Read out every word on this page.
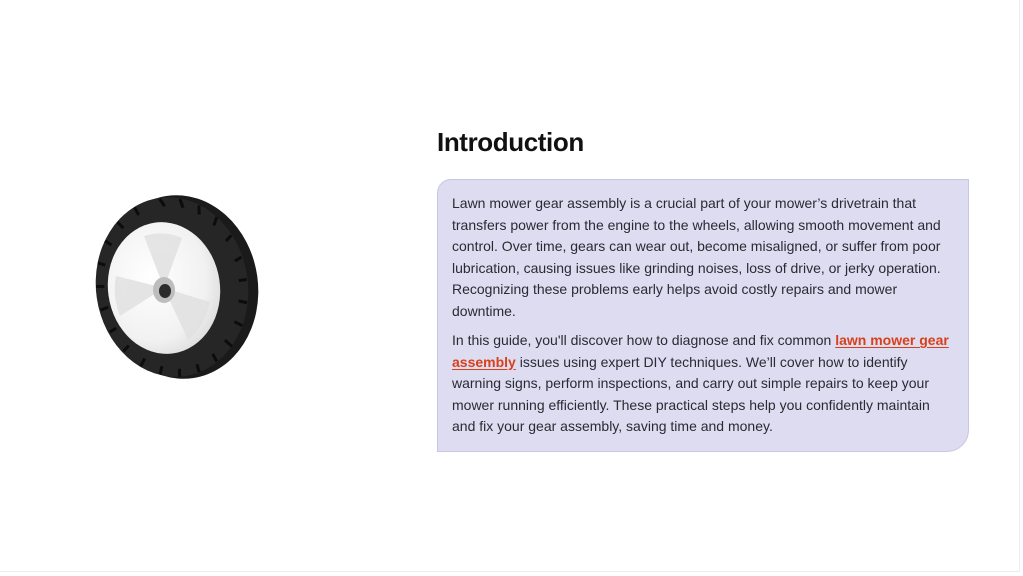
Introduction

Lawn mower gear assembly is a crucial part of your mower’s drivetrain that transfers power from the engine to the wheels, allowing smooth movement and control. Over time, gears can wear out, become misaligned, or suffer from poor lubrication, causing issues like grinding noises, loss of drive, or jerky operation. Recognizing these problems early helps avoid costly repairs and mower downtime.

In this guide, you'll discover how to diagnose and fix common lawn mower gear assembly issues using expert DIY techniques. We’ll cover how to identify warning signs, perform inspections, and carry out simple repairs to keep your mower running efficiently. These practical steps help you confidently maintain and fix your gear assembly, saving time and money.
